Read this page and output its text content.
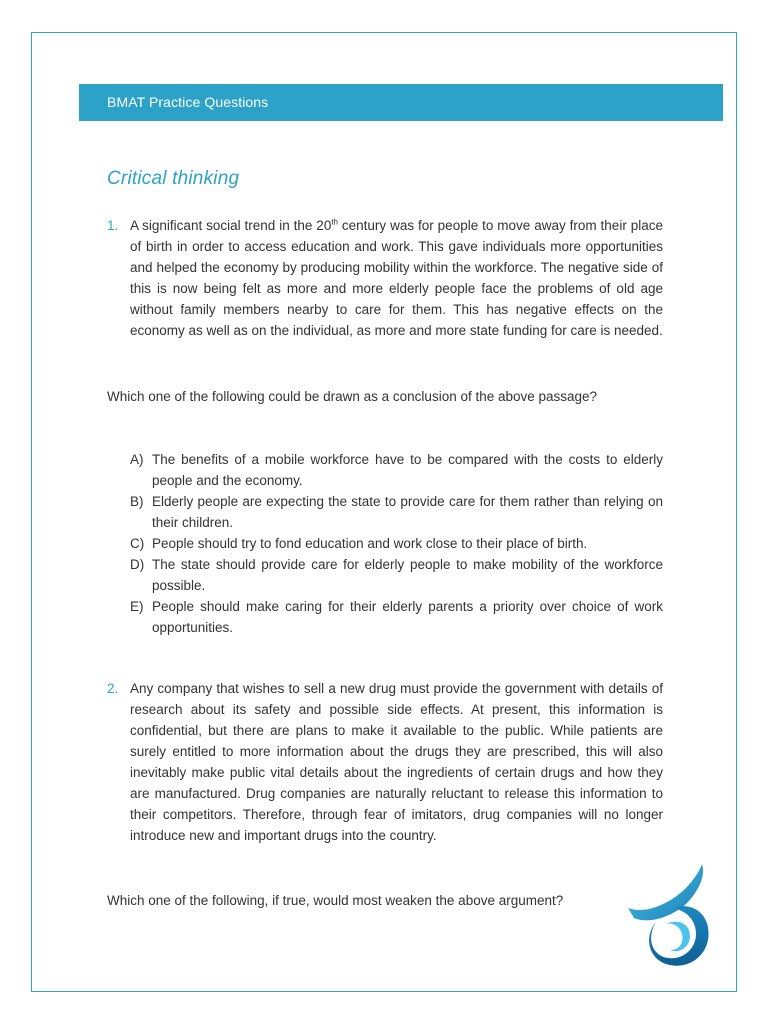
BMAT Practice Questions
Critical thinking
1. A significant social trend in the 20th century was for people to move away from their place of birth in order to access education and work. This gave individuals more opportunities and helped the economy by producing mobility within the workforce. The negative side of this is now being felt as more and more elderly people face the problems of old age without family members nearby to care for them. This has negative effects on the economy as well as on the individual, as more and more state funding for care is needed.
Which one of the following could be drawn as a conclusion of the above passage?
A) The benefits of a mobile workforce have to be compared with the costs to elderly people and the economy.
B) Elderly people are expecting the state to provide care for them rather than relying on their children.
C) People should try to fond education and work close to their place of birth.
D) The state should provide care for elderly people to make mobility of the workforce possible.
E) People should make caring for their elderly parents a priority over choice of work opportunities.
2. Any company that wishes to sell a new drug must provide the government with details of research about its safety and possible side effects. At present, this information is confidential, but there are plans to make it available to the public. While patients are surely entitled to more information about the drugs they are prescribed, this will also inevitably make public vital details about the ingredients of certain drugs and how they are manufactured. Drug companies are naturally reluctant to release this information to their competitors. Therefore, through fear of imitators, drug companies will no longer introduce new and important drugs into the country.
Which one of the following, if true, would most weaken the above argument?
